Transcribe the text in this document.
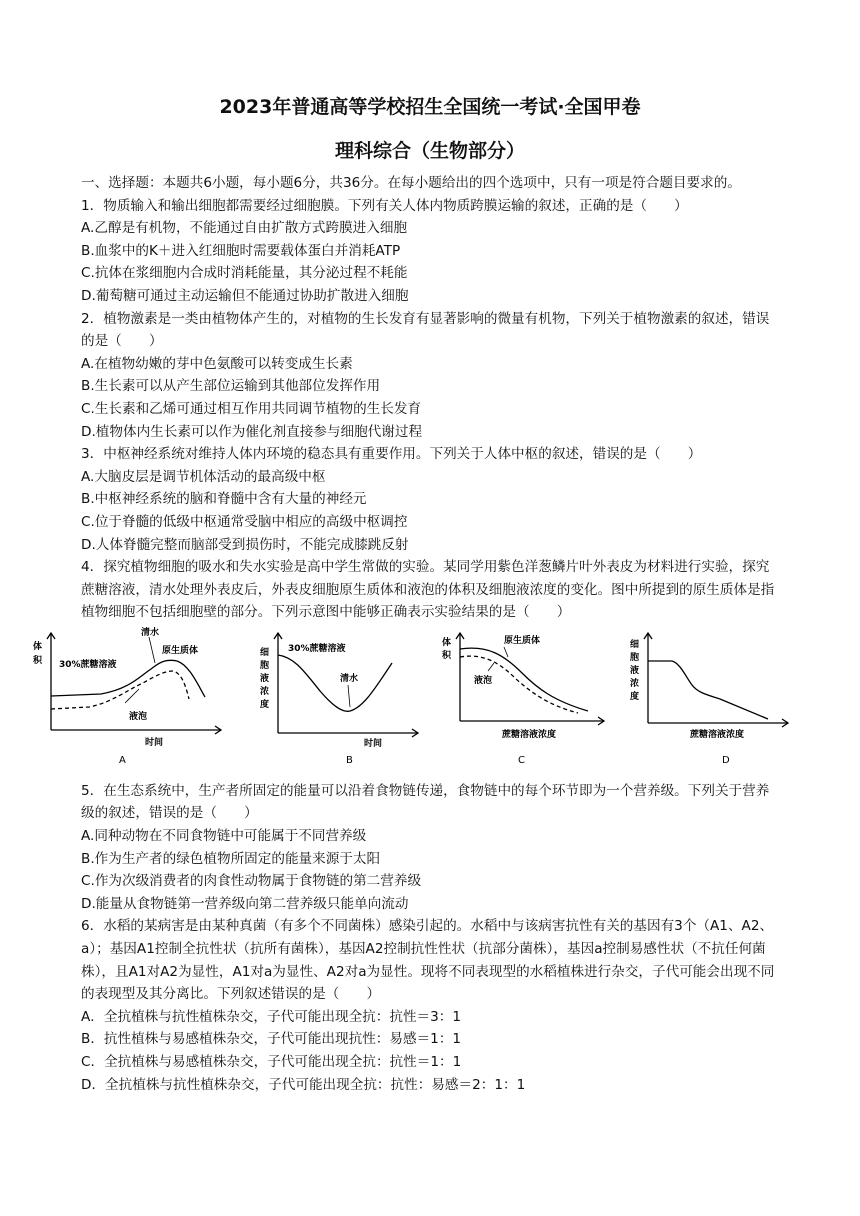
2023年普通高等学校招生全国统一考试·全国甲卷
理科综合（生物部分）

一、选择题：本题共6小题，每小题6分，共36分。在每小题给出的四个选项中，只有一项是符合题目要求的。

1．物质输入和输出细胞都需要经过细胞膜。下列有关人体内物质跨膜运输的叙述，正确的是（　　）

A.乙醇是有机物，不能通过自由扩散方式跨膜进入细胞

B.血浆中的K＋进入红细胞时需要载体蛋白并消耗ATP

C.抗体在浆细胞内合成时消耗能量，其分泌过程不耗能

D.葡萄糖可通过主动运输但不能通过协助扩散进入细胞

2．植物激素是一类由植物体产生的，对植物的生长发育有显著影响的微量有机物，下列关于植物激素的叙述，错误的是（　　）

A.在植物幼嫩的芽中色氨酸可以转变成生长素

B.生长素可以从产生部位运输到其他部位发挥作用

C.生长素和乙烯可通过相互作用共同调节植物的生长发育

D.植物体内生长素可以作为催化剂直接参与细胞代谢过程

3．中枢神经系统对维持人体内环境的稳态具有重要作用。下列关于人体中枢的叙述，错误的是（　　）

A.大脑皮层是调节机体活动的最高级中枢

B.中枢神经系统的脑和脊髓中含有大量的神经元

C.位于脊髓的低级中枢通常受脑中相应的高级中枢调控

D.人体脊髓完整而脑部受到损伤时，不能完成膝跳反射

4．探究植物细胞的吸水和失水实验是高中学生常做的实验。某同学用紫色洋葱鳞片叶外表皮为材料进行实验，探究蔗糖溶液，清水处理外表皮后，外表皮细胞原生质体和液泡的体积及细胞液浓度的变化。图中所提到的原生质体是指植物细胞不包括细胞壁的部分。下列示意图中能够正确表示实验结果的是（　　）

体
积
清水
原生质体
30%蔗糖溶液
液泡
时间
A
细
胞
液
浓
度
30%蔗糖溶液
清水
时间
B
体
积
原生质体
液泡
蔗糖溶液浓度
C
细
胞
液
浓
度
蔗糖溶液浓度
D

5．在生态系统中，生产者所固定的能量可以沿着食物链传递，食物链中的每个环节即为一个营养级。下列关于营养级的叙述，错误的是（　　）

A.同种动物在不同食物链中可能属于不同营养级

B.作为生产者的绿色植物所固定的能量来源于太阳

C.作为次级消费者的肉食性动物属于食物链的第二营养级

D.能量从食物链第一营养级向第二营养级只能单向流动

6．水稻的某病害是由某种真菌（有多个不同菌株）感染引起的。水稻中与该病害抗性有关的基因有3个（A1、A2、a）；基因A1控制全抗性状（抗所有菌株），基因A2控制抗性性状（抗部分菌株），基因a控制易感性状（不抗任何菌株），且A1对A2为显性，A1对a为显性、A2对a为显性。现将不同表现型的水稻植株进行杂交，子代可能会出现不同的表现型及其分离比。下列叙述错误的是（　　）

A．全抗植株与抗性植株杂交，子代可能出现全抗：抗性＝3：1

B．抗性植株与易感植株杂交，子代可能出现抗性：易感＝1：1

C．全抗植株与易感植株杂交，子代可能出现全抗：抗性＝1：1

D．全抗植株与抗性植株杂交，子代可能出现全抗：抗性：易感＝2：1：1
